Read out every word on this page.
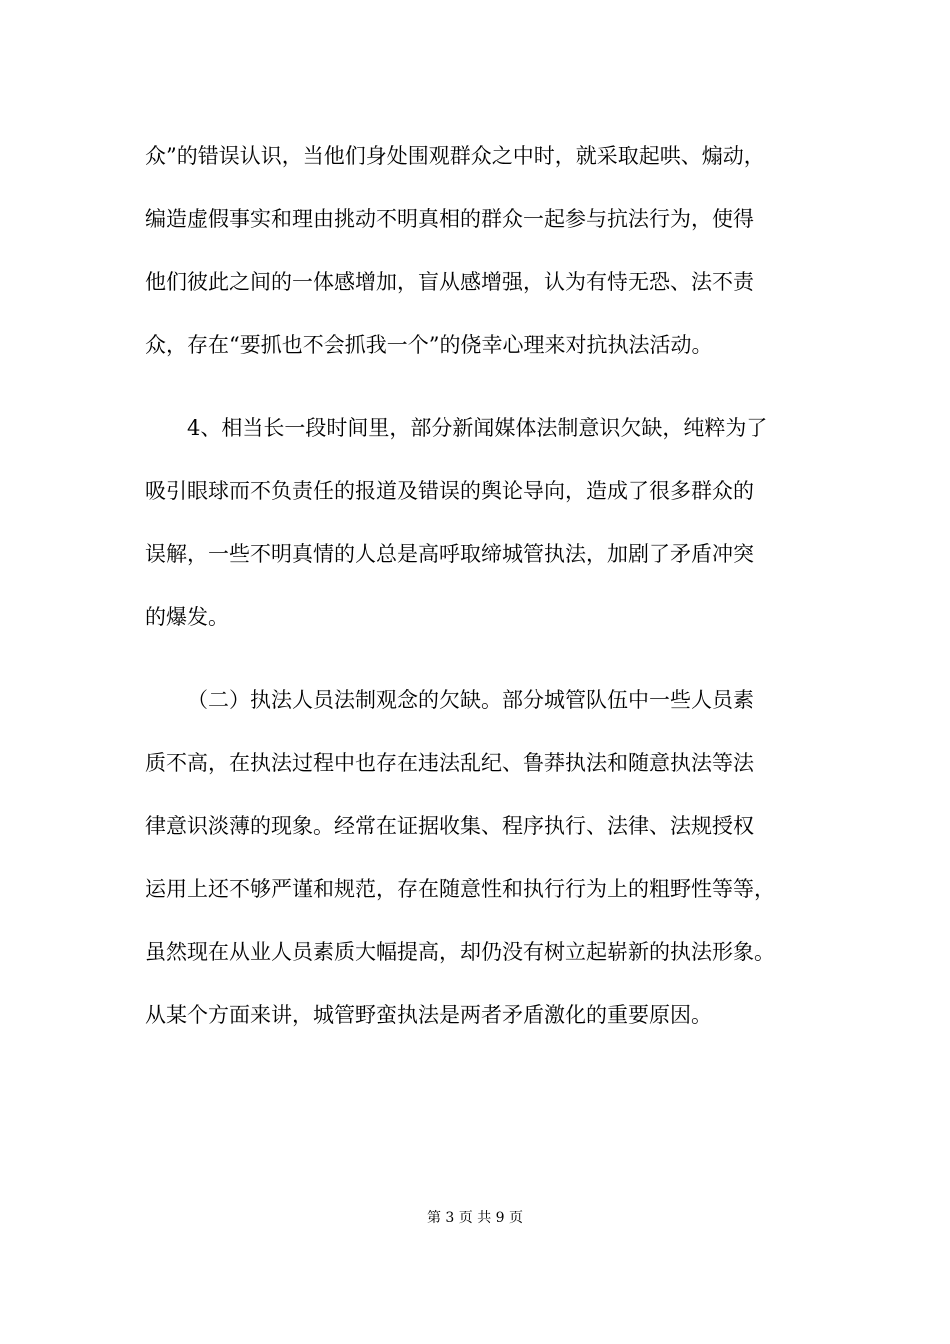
众”的错误认识，当他们身处围观群众之中时，就采取起哄、煽动，
编造虚假事实和理由挑动不明真相的群众一起参与抗法行为，使得
他们彼此之间的一体感增加，盲从感增强，认为有恃无恐、法不责
众，存在“要抓也不会抓我一个”的侥幸心理来对抗执法活动。
4、相当长一段时间里，部分新闻媒体法制意识欠缺，纯粹为了
吸引眼球而不负责任的报道及错误的舆论导向，造成了很多群众的
误解，一些不明真情的人总是高呼取缔城管执法，加剧了矛盾冲突
的爆发。
（二）执法人员法制观念的欠缺。部分城管队伍中一些人员素
质不高，在执法过程中也存在违法乱纪、鲁莽执法和随意执法等法
律意识淡薄的现象。经常在证据收集、程序执行、法律、法规授权
运用上还不够严谨和规范，存在随意性和执行行为上的粗野性等等，
虽然现在从业人员素质大幅提高，却仍没有树立起崭新的执法形象。
从某个方面来讲，城管野蛮执法是两者矛盾激化的重要原因。
第 3 页 共 9 页
